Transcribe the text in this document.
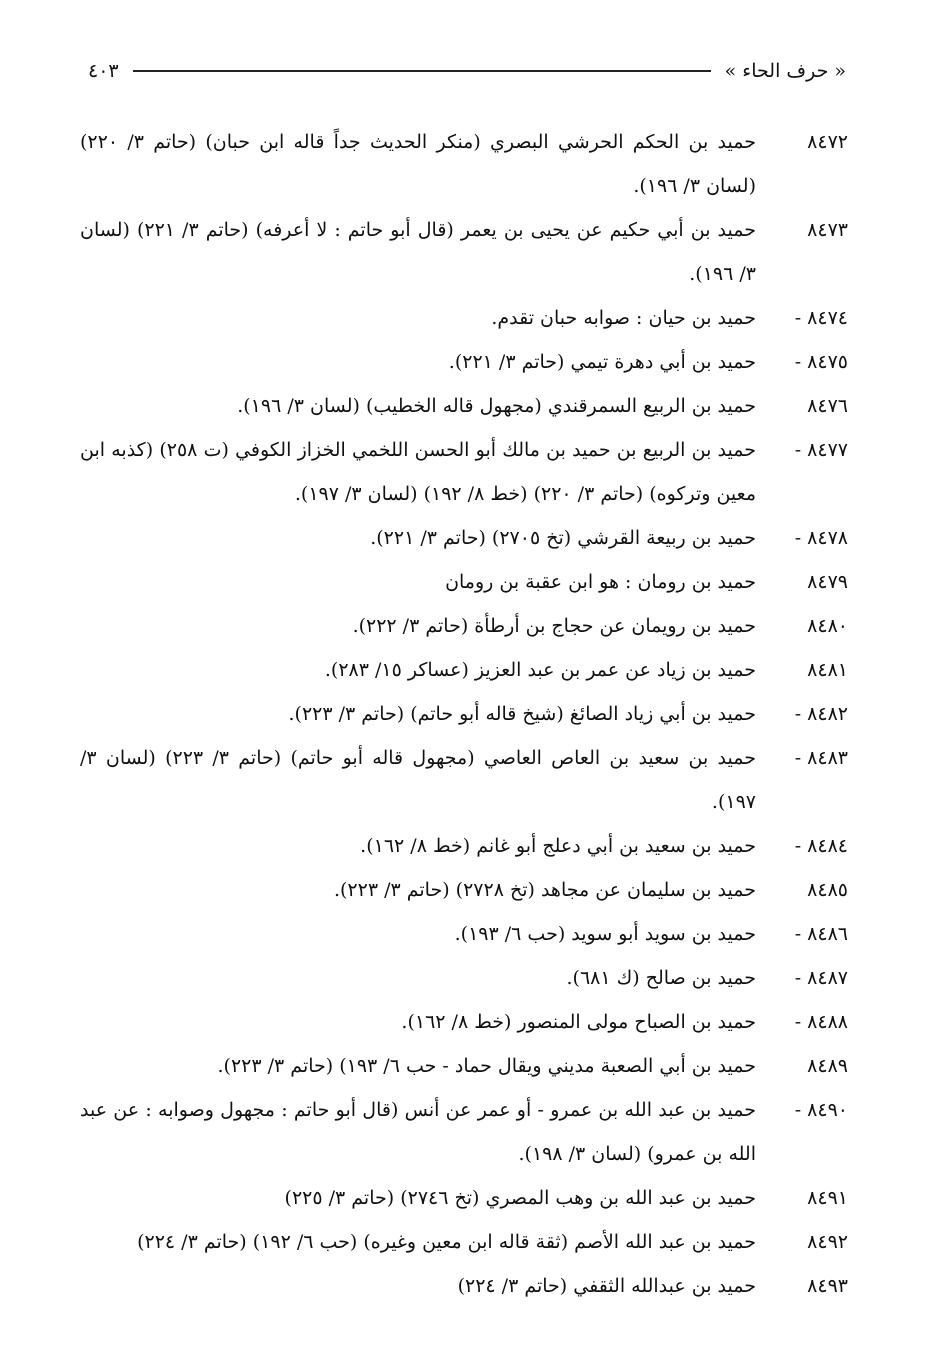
« حرف الحاء »
٤٠٣
٨٤٧٢
حميد بن الحكم الحرشي البصري (منكر الحديث جداً قاله ابن حبان) (حاتم ٣/ ٢٢٠) (لسان ٣/ ١٩٦).
٨٤٧٣
حميد بن أبي حكيم عن يحيى بن يعمر (قال أبو حاتم : لا أعرفه) (حاتم ٣/ ٢٢١) (لسان ٣/ ١٩٦).
٨٤٧٤ -
حميد بن حيان : صوابه حبان تقدم.
٨٤٧٥ -
حميد بن أبي دهرة تيمي (حاتم ٣/ ٢٢١).
٨٤٧٦
حميد بن الربيع السمرقندي (مجهول قاله الخطيب) (لسان ٣/ ١٩٦).
٨٤٧٧ -
حميد بن الربيع بن حميد بن مالك أبو الحسن اللخمي الخزاز الكوفي (ت ٢٥٨) (كذبه ابن معين وتركوه) (حاتم ٣/ ٢٢٠) (خط ٨/ ١٩٢) (لسان ٣/ ١٩٧).
٨٤٧٨ -
حميد بن ربيعة القرشي (تخ ٢٧٠٥) (حاتم ٣/ ٢٢١).
٨٤٧٩
حميد بن رومان : هو ابن عقبة بن رومان
٨٤٨٠
حميد بن رويمان عن حجاج بن أرطأة (حاتم ٣/ ٢٢٢).
٨٤٨١
حميد بن زياد عن عمر بن عبد العزيز (عساكر ١٥/ ٢٨٣).
٨٤٨٢ -
حميد بن أبي زياد الصائغ (شيخ قاله أبو حاتم) (حاتم ٣/ ٢٢٣).
٨٤٨٣ -
حميد بن سعيد بن العاص العاصي (مجهول قاله أبو حاتم) (حاتم ٣/ ٢٢٣) (لسان ٣/ ١٩٧).
٨٤٨٤ -
حميد بن سعيد بن أبي دعلج أبو غانم (خط ٨/ ١٦٢).
٨٤٨٥
حميد بن سليمان عن مجاهد (تخ ٢٧٢٨) (حاتم ٣/ ٢٢٣).
٨٤٨٦ -
حميد بن سويد أبو سويد (حب ٦/ ١٩٣).
٨٤٨٧ -
حميد بن صالح (ك ٦٨١).
٨٤٨٨ -
حميد بن الصباح مولى المنصور (خط ٨/ ١٦٢).
٨٤٨٩
حميد بن أبي الصعبة مديني ويقال حماد - حب ٦/ ١٩٣) (حاتم ٣/ ٢٢٣).
٨٤٩٠ -
حميد بن عبد الله بن عمرو - أو عمر عن أنس (قال أبو حاتم : مجهول وصوابه : عن عبد الله بن عمرو) (لسان ٣/ ١٩٨).
٨٤٩١
حميد بن عبد الله بن وهب المصري (تخ ٢٧٤٦) (حاتم ٣/ ٢٢٥)
٨٤٩٢
حميد بن عبد الله الأصم (ثقة قاله ابن معين وغيره) (حب ٦/ ١٩٢) (حاتم ٣/ ٢٢٤)
٨٤٩٣
حميد بن عبدالله الثقفي (حاتم ٣/ ٢٢٤)
